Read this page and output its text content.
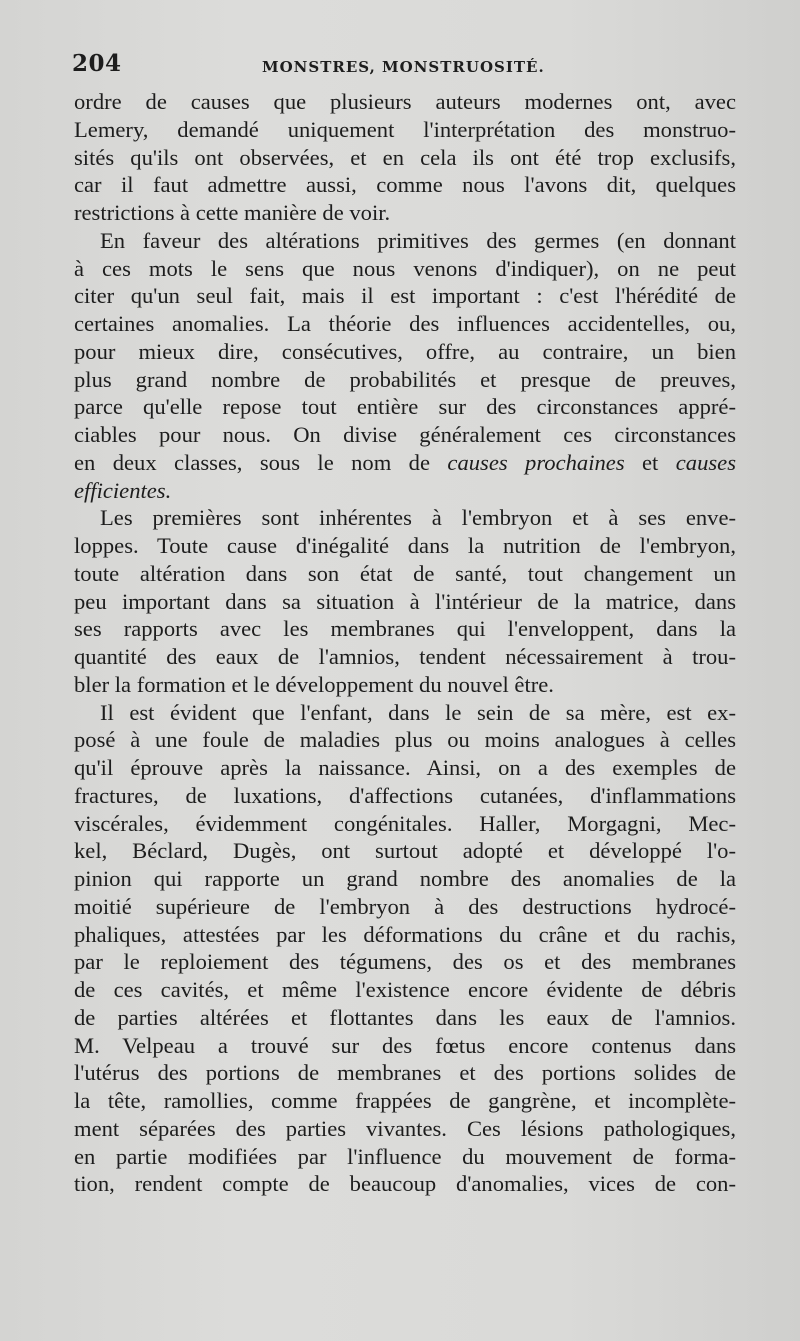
204	MONSTRES, MONSTRUOSITÉ.
ordre de causes que plusieurs auteurs modernes ont, avec
Lemery, demandé uniquement l'interprétation des monstruo-
sités qu'ils ont observées, et en cela ils ont été trop exclusifs,
car il faut admettre aussi, comme nous l'avons dit, quelques
restrictions à cette manière de voir.
En faveur des altérations primitives des germes (en donnant
à ces mots le sens que nous venons d'indiquer), on ne peut
citer qu'un seul fait, mais il est important : c'est l'hérédité de
certaines anomalies. La théorie des influences accidentelles, ou,
pour mieux dire, consécutives, offre, au contraire, un bien
plus grand nombre de probabilités et presque de preuves,
parce qu'elle repose tout entière sur des circonstances appré-
ciables pour nous. On divise généralement ces circonstances
en deux classes, sous le nom de causes prochaines et causes
efficientes.
Les premières sont inhérentes à l'embryon et à ses enve-
loppes. Toute cause d'inégalité dans la nutrition de l'embryon,
toute altération dans son état de santé, tout changement un
peu important dans sa situation à l'intérieur de la matrice, dans
ses rapports avec les membranes qui l'enveloppent, dans la
quantité des eaux de l'amnios, tendent nécessairement à trou-
bler la formation et le développement du nouvel être.
Il est évident que l'enfant, dans le sein de sa mère, est ex-
posé à une foule de maladies plus ou moins analogues à celles
qu'il éprouve après la naissance. Ainsi, on a des exemples de
fractures, de luxations, d'affections cutanées, d'inflammations
viscérales, évidemment congénitales. Haller, Morgagni, Mec-
kel, Béclard, Dugès, ont surtout adopté et développé l'o-
pinion qui rapporte un grand nombre des anomalies de la
moitié supérieure de l'embryon à des destructions hydrocé-
phaliques, attestées par les déformations du crâne et du rachis,
par le reploiement des tégumens, des os et des membranes
de ces cavités, et même l'existence encore évidente de débris
de parties altérées et flottantes dans les eaux de l'amnios.
M. Velpeau a trouvé sur des fœtus encore contenus dans
l'utérus des portions de membranes et des portions solides de
la tête, ramollies, comme frappées de gangrène, et incomplète-
ment séparées des parties vivantes. Ces lésions pathologiques,
en partie modifiées par l'influence du mouvement de forma-
tion, rendent compte de beaucoup d'anomalies, vices de con-
